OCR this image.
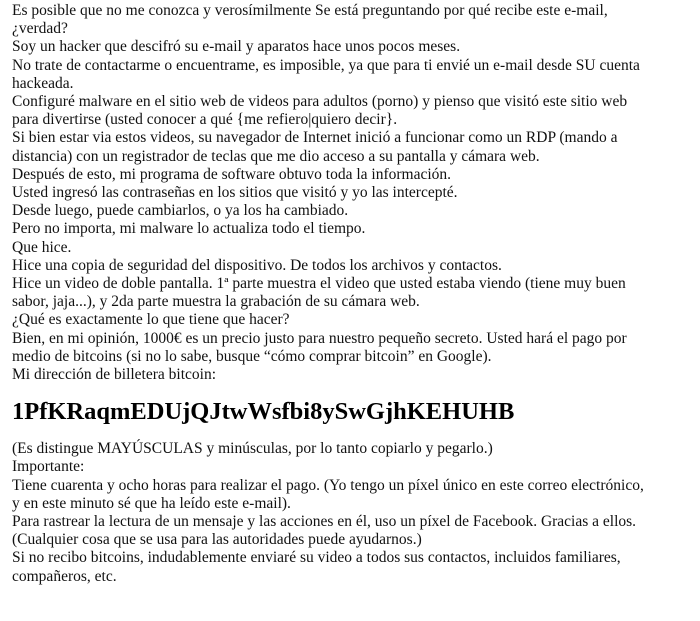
Es posible que no me conozca y verosímilmente Se está preguntando por qué recibe este e-mail,
¿verdad?
Soy un hacker que descifró su e-mail y aparatos hace unos pocos meses.
No trate de contactarme o encuentrame, es imposible, ya que para ti envié un e-mail desde SU cuenta
hackeada.
Configuré malware en el sitio web de videos para adultos (porno) y pienso que visitó este sitio web
para divertirse (usted conocer a qué {me refiero|quiero decir}.
Si bien estar via estos videos, su navegador de Internet inició a funcionar como un RDP (mando a
distancia) con un registrador de teclas que me dio acceso a su pantalla y cámara web.
Después de esto, mi programa de software obtuvo toda la información.
Usted ingresó las contraseñas en los sitios que visitó y yo las intercepté.
Desde luego, puede cambiarlos, o ya los ha cambiado.
Pero no importa, mi malware lo actualiza todo el tiempo.
Que hice.
Hice una copia de seguridad del dispositivo. De todos los archivos y contactos.
Hice un video de doble pantalla. 1ª parte muestra el video que usted estaba viendo (tiene muy buen
sabor, jaja...), y 2da parte muestra la grabación de su cámara web.
¿Qué es exactamente lo que tiene que hacer?
Bien, en mi opinión, 1000€ es un precio justo para nuestro pequeño secreto. Usted hará el pago por
medio de bitcoins (si no lo sabe, busque “cómo comprar bitcoin” en Google).
Mi dirección de billetera bitcoin:
1PfKRaqmEDUjQJtwWsfbi8ySwGjhKEHUHB
(Es distingue MAYÚSCULAS y minúsculas, por lo tanto copiarlo y pegarlo.)
Importante:
Tiene cuarenta y ocho horas para realizar el pago. (Yo tengo un píxel único en este correo electrónico,
y en este minuto sé que ha leído este e-mail).
Para rastrear la lectura de un mensaje y las acciones en él, uso un píxel de Facebook. Gracias a ellos.
(Cualquier cosa que se usa para las autoridades puede ayudarnos.)
Si no recibo bitcoins, indudablemente enviaré su video a todos sus contactos, incluidos familiares,
compañeros, etc.
